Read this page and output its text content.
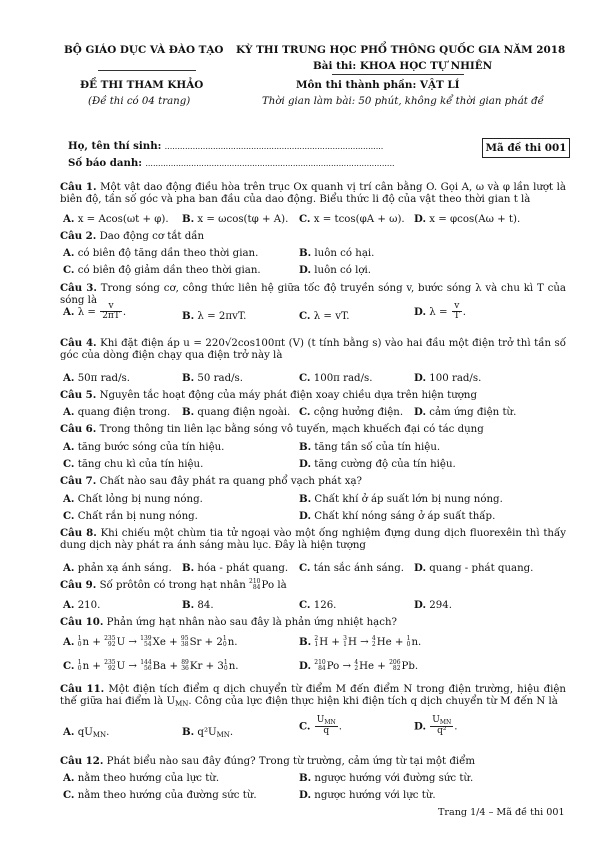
BỘ GIÁO DỤC VÀ ĐÀO TẠO KỲ THI TRUNG HỌC PHỔ THÔNG QUỐC GIA NĂM 2018
Bài thi: KHOA HỌC TỰ NHIÊN
ĐỀ THI THAM KHẢO	Môn thi thành phần: VẬT LÍ
(Đề thi có 04 trang)	Thời gian làm bài: 50 phút, không kể thời gian phát đề
Họ, tên thí sinh: ......................................................................................
Số báo danh: ..................................................................................................
Mã đề thi 001
Câu 1. Một vật dao động điều hòa trên trục Ox quanh vị trí cân bằng O. Gọi A, ω và φ lần lượt là biên độ, tần số góc và pha ban đầu của dao động. Biểu thức li độ của vật theo thời gian t là
A. x = Acos(ωt + φ). B. x = ωcos(tφ + A). C. x = tcos(φA + ω). D. x = φcos(Aω + t).
Câu 2. Dao động cơ tắt dần
A. có biên độ tăng dần theo thời gian.	B. luôn có hại.
C. có biên độ giảm dần theo thời gian.	D. luôn có lợi.
Câu 3. Trong sóng cơ, công thức liên hệ giữa tốc độ truyền sóng v, bước sóng λ và chu kì T của sóng là
A. $\lambda = \frac{v}{2\pi T}$ .	B. λ = 2πvT.	C. λ = vT.	D. $\lambda = \frac{v}{T}$ .
Câu 4. Khi đặt điện áp u = 220√2cos100πt (V) (t tính bằng s) vào hai đầu một điện trở thì tần số góc của dòng điện chạy qua điện trở này là
A. 50π rad/s.	B. 50 rad/s.	C. 100π rad/s.	D. 100 rad/s.
Câu 5. Nguyên tắc hoạt động của máy phát điện xoay chiều dựa trên hiện tượng
A. quang điện trong. B. quang điện ngoài. C. cộng hưởng điện. D. cảm ứng điện từ.
Câu 6. Trong thông tin liên lạc bằng sóng vô tuyến, mạch khuếch đại có tác dụng
A. tăng bước sóng của tín hiệu.	B. tăng tần số của tín hiệu.
C. tăng chu kì của tín hiệu.	D. tăng cường độ của tín hiệu.
Câu 7. Chất nào sau đây phát ra quang phổ vạch phát xạ?
A. Chất lỏng bị nung nóng.	B. Chất khí ở áp suất lớn bị nung nóng.
C. Chất rắn bị nung nóng.	D. Chất khí nóng sáng ở áp suất thấp.
Câu 8. Khi chiếu một chùm tia tử ngoại vào một ống nghiệm đựng dung dịch fluorexêin thì thấy dung dịch này phát ra ánh sáng màu lục. Đây là hiện tượng
A. phản xạ ánh sáng. B. hóa - phát quang. C. tán sắc ánh sáng. D. quang - phát quang.
Câu 9. Số prôtôn có trong hạt nhân 210
84 Po là
A. 210.	B. 84.	C. 126.	D. 294.
Câu 10. Phản ứng hạt nhân nào sau đây là phản ứng nhiệt hạch?
A. 1
0 n + 235
92 U → 139
54 Xe + 95
38 Sr + 2 1
0 n.	B. 2
1 H + 3
1 H → 4
2 He + 1
0 n.
C. 1
0 n + 235
92 U → 144
56 Ba + 89
36 Kr + 3 1
0 n.	D. 210
84 Po → 4
2 He + 206
82 Pb.
Câu 11. Một điện tích điểm q dịch chuyển từ điểm M đến điểm N trong điện trường, hiệu điện thế giữa hai điểm là $U_{MN}$. Công của lực điện thực hiện khi điện tích q dịch chuyển từ M đến N là
A. $qU_{MN}$.	B. $q^2U_{MN}$.
C. $\frac{U_{MN}}{q}$ .	D. $\frac{U_{MN}}{\text{q²}}$ .
Câu 12. Phát biểu nào sau đây đúng? Trong từ trường, cảm ứng từ tại một điểm
A. nằm theo hướng của lực từ.	B. ngược hướng với đường sức từ.
C. nằm theo hướng của đường sức từ.	D. ngược hướng với lực từ.
Trang 1/4 – Mã đề thi 001
